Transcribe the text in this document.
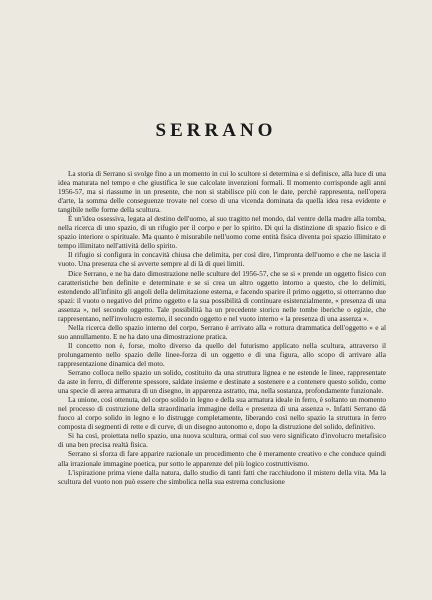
SERRANO

La storia di Serrano si svolge fino a un momento in cui lo scultore si determina e si definisce, alla luce di una idea maturata nel tempo e che giustifica le sue calcolate invenzioni formali. Il momento corrisponde agli anni 1956-57, ma si riassume in un presente, che non si stabilisce più con le date, perchè rappresenta, nell'opera d'arte, la somma delle conseguenze trovate nel corso di una vicenda dominata da quella idea resa evidente e tangibile nelle forme della scultura.

È un'idea ossessiva, legata al destino dell'uomo, al suo tragitto nel mondo, dal ventre della madre alla tomba, nella ricerca di uno spazio, di un rifugio per il corpo e per lo spirito. Di qui la distinzione di spazio fisico e di spazio interiore o spirituale. Ma quanto è misurabile nell'uomo come entità fisica diventa poi spazio illimitato e tempo illimitato nell'attività dello spirito.

Il rifugio si configura in concavità chiusa che delimita, per così dire, l'impronta dell'uomo e che ne lascia il vuoto. Una presenza che si avverte sempre al di là di quei limiti.

Dice Serrano, e ne ha dato dimostrazione nelle sculture del 1956-57, che se si « prende un oggetto fisico con caratteristiche ben definite e determinate e se si crea un altro oggetto intorno a questo, che lo delimiti, estendendo all'infinito gli angoli della delimitazione esterna, e facendo sparire il primo oggetto, si otterranno due spazi: il vuoto o negativo del primo oggetto e la sua possibilità di continuare esistenzialmente, « presenza di una assenza », nel secondo oggetto. Tale possibilità ha un precedente storico nelle tombe iberiche o egizie, che rappresentano, nell'involucro esterno, il secondo oggetto e nel vuoto interno « la presenza di una assenza ».

Nella ricerca dello spazio interno del corpo, Serrano è arrivato alla « rottura drammatica dell'oggetto » e al suo annullamento. E ne ha dato una dimostrazione pratica.

Il concetto non è, forse, molto diverso da quello del futurismo applicato nella scultura, attraverso il prolungamento nello spazio delle linee-forza di un oggetto e di una figura, allo scopo di arrivare alla rappresentazione dinamica del moto.

Serrano colloca nello spazio un solido, costituito da una struttura lignea e ne estende le linee, rappresentate da aste in ferro, di differente spessore, saldate insieme e destinate a sostenere e a contenere questo solido, come una specie di aerea armatura di un disegno, in apparenza astratto, ma, nella sostanza, profondamente funzionale.

La unione, così ottenuta, del corpo solido in legno e della sua armatura ideale in ferro, è soltanto un momento nel processo di costruzione della straordinaria immagine della « presenza di una assenza ». Infatti Serrano dà fuoco al corpo solido in legno e lo distrugge completamente, liberando così nello spazio la struttura in ferro composta di segmenti di rette e di curve, di un disegno autonomo e, dopo la distruzione del solido, definitivo.

Si ha così, proiettata nello spazio, una nuova scultura, ormai col suo vero significato d'involucro metafisico di una ben precisa realtà fisica.

Serrano si sforza di fare apparire razionale un procedimento che è meramente creativo e che conduce quindi alla irrazionale immagine poetica, pur sotto le apparenze del più logico costruttivismo.

L'ispirazione prima viene dalla natura, dallo studio di tanti fatti che racchiudono il mistero della vita. Ma la scultura del vuoto non può essere che simbolica nella sua estrema conclusione
